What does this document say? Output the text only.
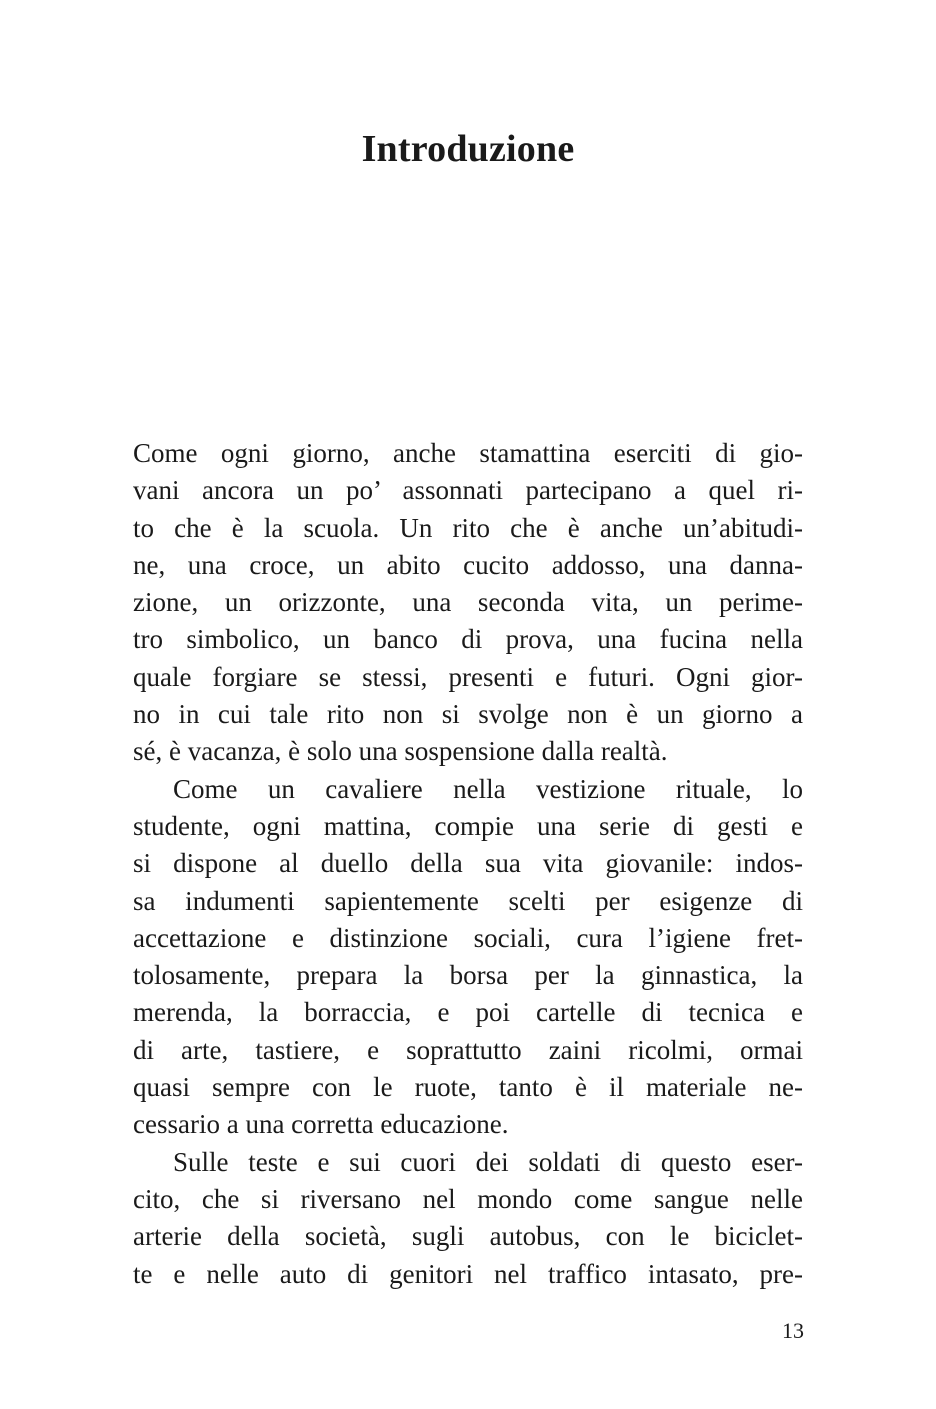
Introduzione
Come ogni giorno, anche stamattina eserciti di gio-
vani ancora un po’ assonnati partecipano a quel ri-
to che è la scuola. Un rito che è anche un’abitudi-
ne, una croce, un abito cucito addosso, una danna-
zione, un orizzonte, una seconda vita, un perime-
tro simbolico, un banco di prova, una fucina nella
quale forgiare se stessi, presenti e futuri. Ogni gior-
no in cui tale rito non si svolge non è un giorno a
sé, è vacanza, è solo una sospensione dalla realtà.
Come un cavaliere nella vestizione rituale, lo
studente, ogni mattina, compie una serie di gesti e
si dispone al duello della sua vita giovanile: indos-
sa indumenti sapientemente scelti per esigenze di
accettazione e distinzione sociali, cura l’igiene fret-
tolosamente, prepara la borsa per la ginnastica, la
merenda, la borraccia, e poi cartelle di tecnica e
di arte, tastiere, e soprattutto zaini ricolmi, ormai
quasi sempre con le ruote, tanto è il materiale ne-
cessario a una corretta educazione.
Sulle teste e sui cuori dei soldati di questo eser-
cito, che si riversano nel mondo come sangue nelle
arterie della società, sugli autobus, con le biciclet-
te e nelle auto di genitori nel traffico intasato, pre-
13
